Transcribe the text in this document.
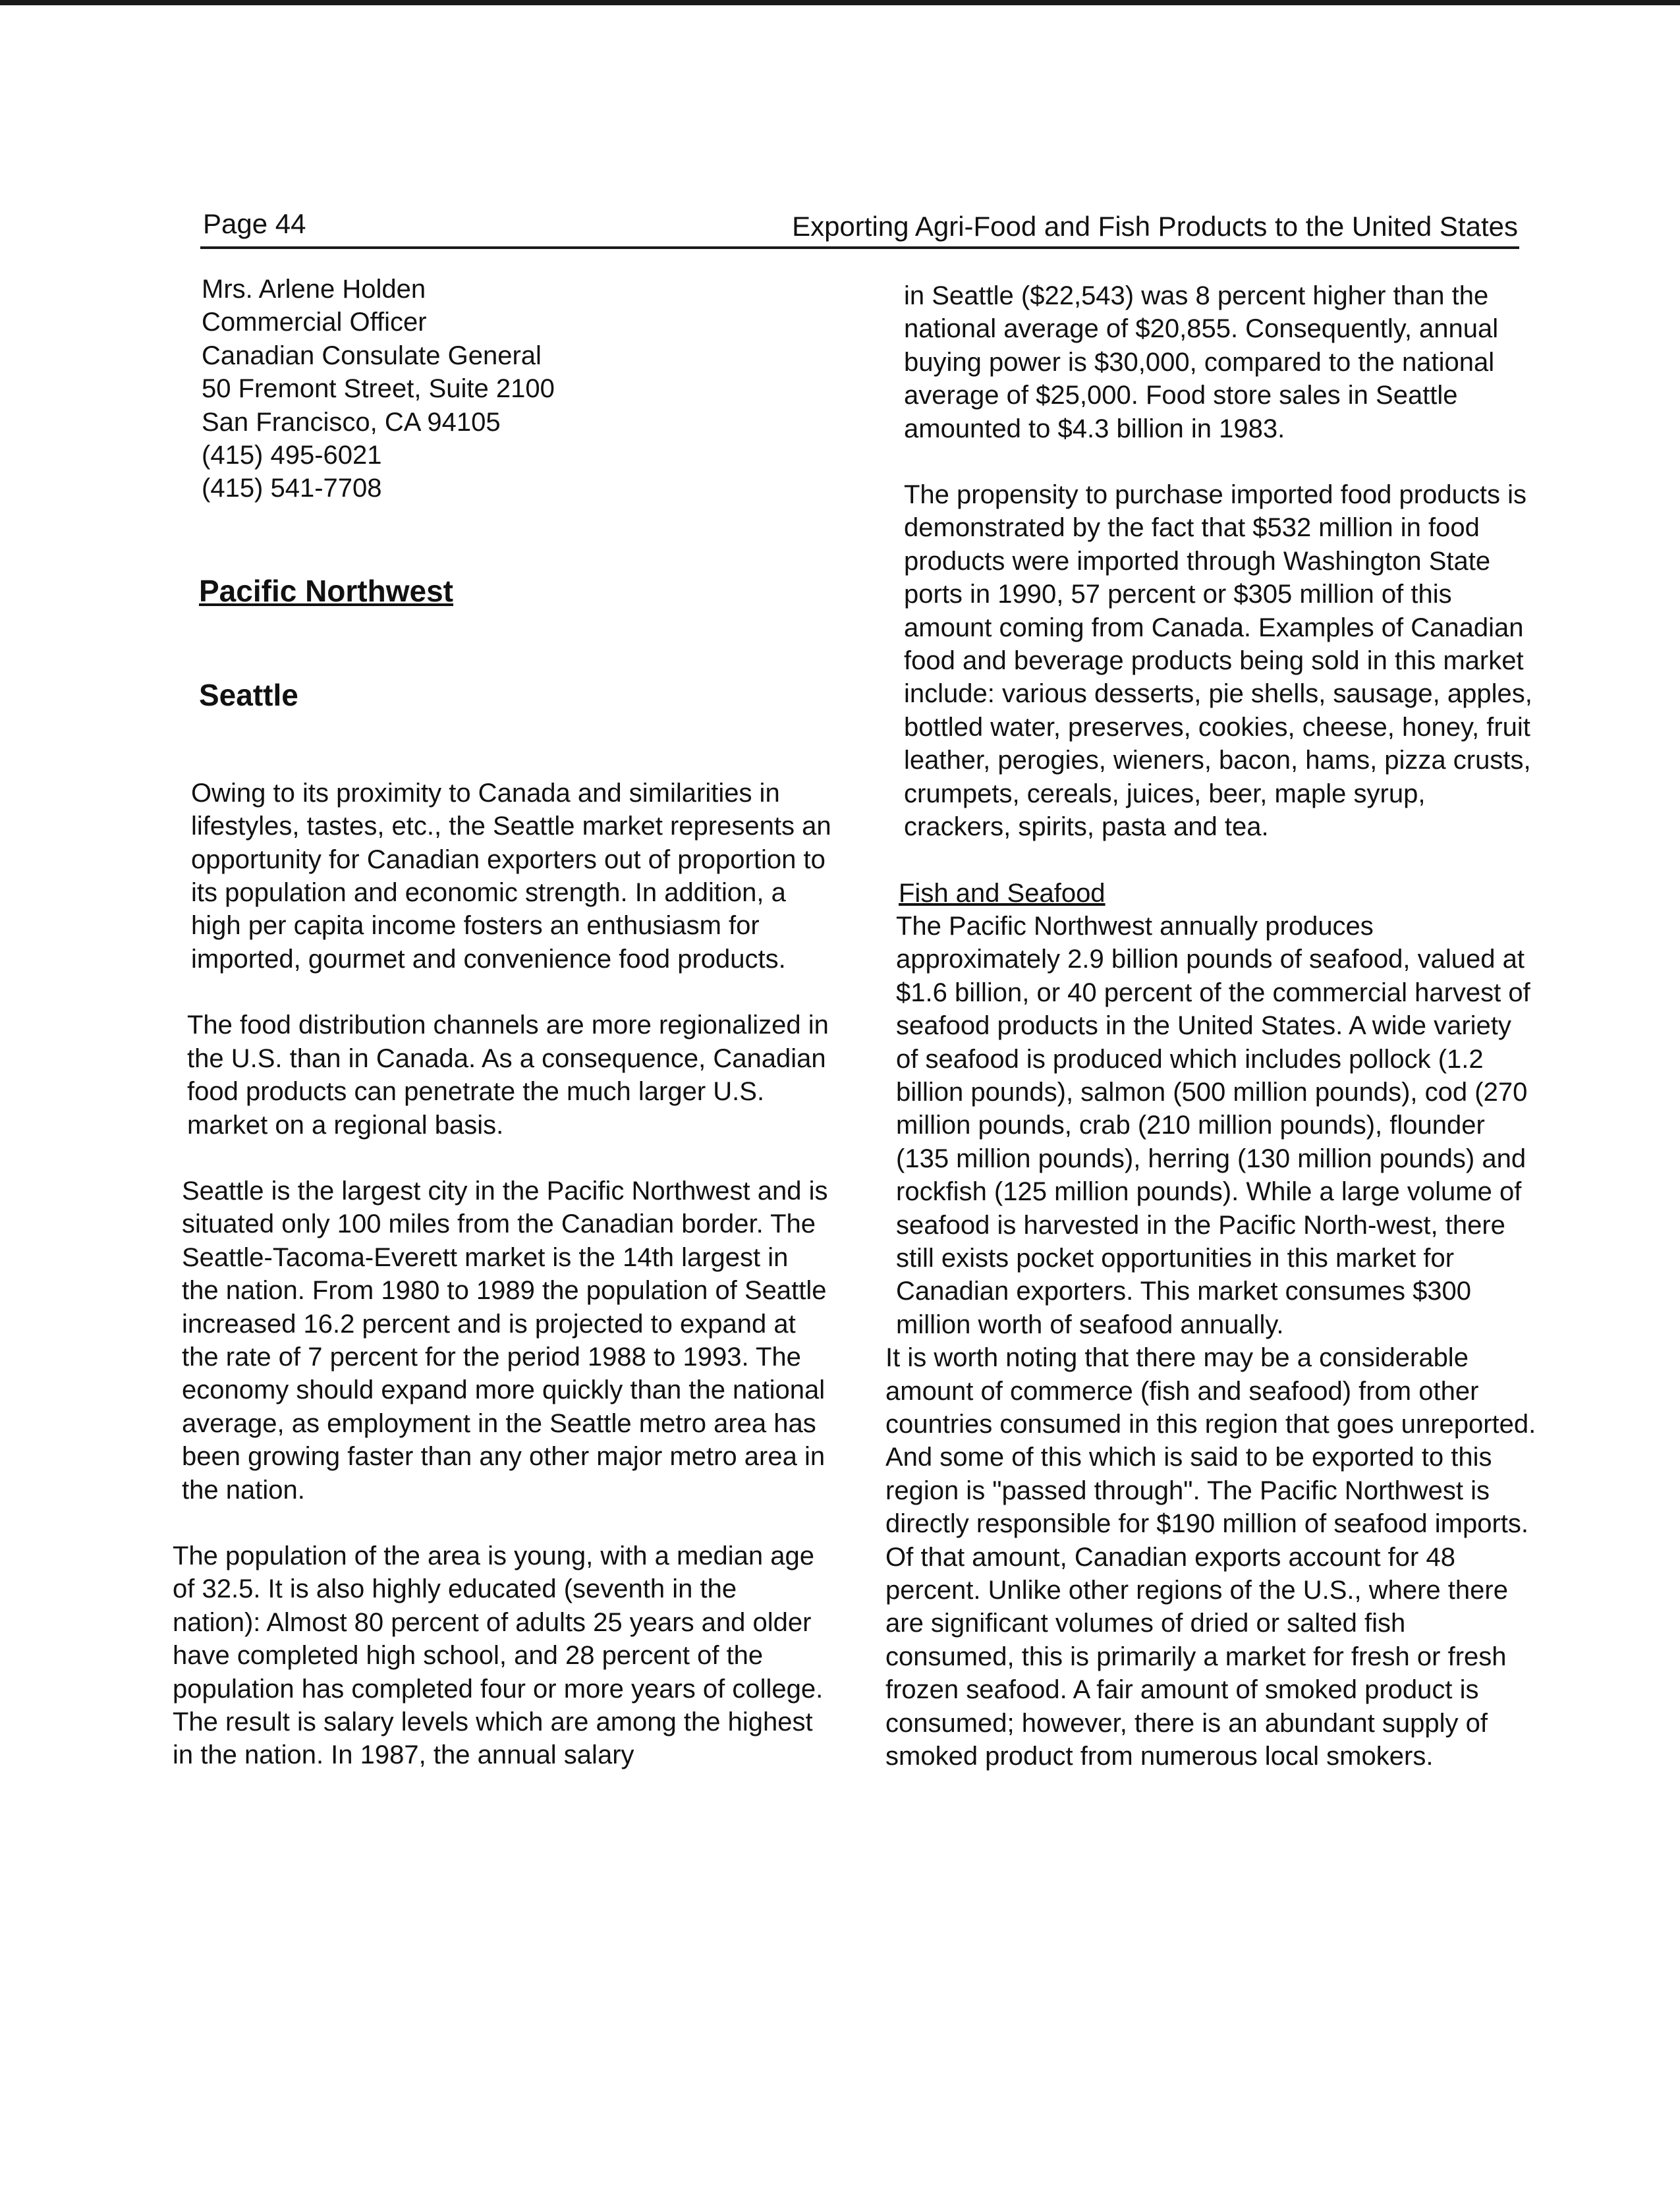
Page 44	Exporting Agri-Food and Fish Products to the United States
Mrs. Arlene Holden
Commercial Officer
Canadian Consulate General
50 Fremont Street, Suite 2100
San Francisco, CA 94105
(415) 495-6021
(415) 541-7708
Pacific Northwest
Seattle

Owing to its proximity to Canada and similarities in lifestyles, tastes, etc., the Seattle market represents an opportunity for Canadian exporters out of proportion to its population and economic strength. In addition, a high per capita income fosters an enthusiasm for imported, gourmet and convenience food products.

The food distribution channels are more regionalized in the U.S. than in Canada. As a consequence, Canadian food products can penetrate the much larger U.S. market on a regional basis.

Seattle is the largest city in the Pacific Northwest and is situated only 100 miles from the Canadian border. The Seattle-Tacoma-Everett market is the 14th largest in the nation. From 1980 to 1989 the population of Seattle increased 16.2 percent and is projected to expand at the rate of 7 percent for the period 1988 to 1993. The economy should expand more quickly than the national average, as employment in the Seattle metro area has been growing faster than any other major metro area in the nation.

The population of the area is young, with a median age of 32.5. It is also highly educated (seventh in the nation): Almost 80 percent of adults 25 years and older have completed high school, and 28 percent of the population has completed four or more years of college. The result is salary levels which are among the highest in the nation. In 1987, the annual salary

in Seattle ($22,543) was 8 percent higher than the national average of $20,855. Consequently, annual buying power is $30,000, compared to the national average of $25,000. Food store sales in Seattle amounted to $4.3 billion in 1983.

The propensity to purchase imported food products is demonstrated by the fact that $532 million in food products were imported through Washington State ports in 1990, 57 percent or $305 million of this amount coming from Canada. Examples of Canadian food and beverage products being sold in this market include: various desserts, pie shells, sausage, apples, bottled water, preserves, cookies, cheese, honey, fruit leather, perogies, wieners, bacon, hams, pizza crusts, crumpets, cereals, juices, beer, maple syrup, crackers, spirits, pasta and tea.

Fish and Seafood

The Pacific Northwest annually produces approximately 2.9 billion pounds of seafood, valued at $1.6 billion, or 40 percent of the commercial harvest of seafood products in the United States. A wide variety of seafood is produced which includes pollock (1.2 billion pounds), salmon (500 million pounds), cod (270 million pounds, crab (210 million pounds), flounder (135 million pounds), herring (130 million pounds) and rockfish (125 million pounds). While a large volume of seafood is harvested in the Pacific North-west, there still exists pocket opportunities in this market for Canadian exporters. This market consumes $300 million worth of seafood annually.

It is worth noting that there may be a considerable amount of commerce (fish and seafood) from other countries consumed in this region that goes unreported. And some of this which is said to be exported to this region is "passed through". The Pacific Northwest is directly responsible for $190 million of seafood imports. Of that amount, Canadian exports account for 48 percent. Unlike other regions of the U.S., where there are significant volumes of dried or salted fish consumed, this is primarily a market for fresh or fresh frozen seafood. A fair amount of smoked product is consumed; however, there is an abundant supply of smoked product from numerous local smokers.
